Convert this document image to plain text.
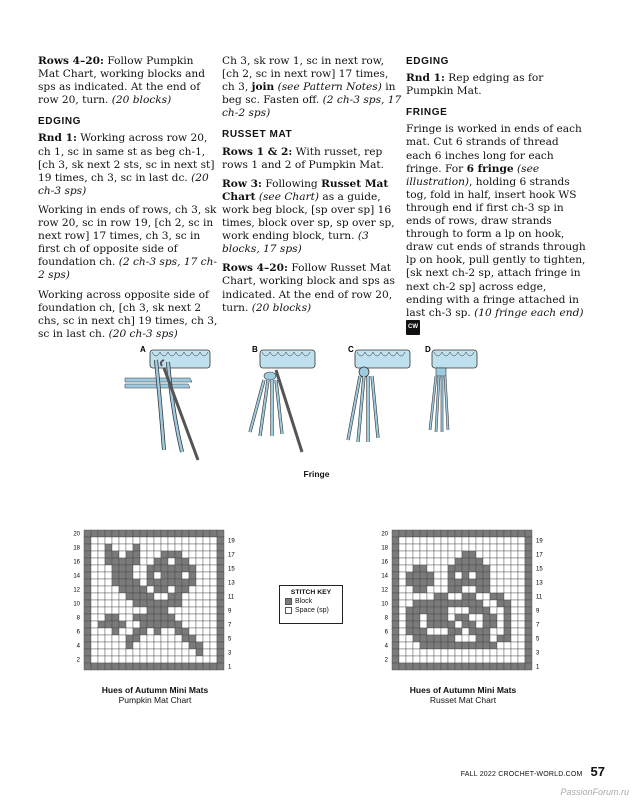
Rows 4–20: Follow Pumpkin Mat Chart, working blocks and sps as indicated. At the end of row 20, turn. (20 blocks)

EDGING

Rnd 1: Working across row 20, ch 1, sc in same st as beg ch-1, [ch 3, sk next 2 sts, sc in next st] 19 times, ch 3, sc in last dc. (20 ch-3 sps)

Working in ends of rows, ch 3, sk row 20, sc in row 19, [ch 2, sc in next row] 17 times, ch 3, sc in first ch of opposite side of foundation ch. (2 ch-3 sps, 17 ch-2 sps)

Working across opposite side of foundation ch, [ch 3, sk next 2 chs, sc in next ch] 19 times, ch 3, sc in last ch. (20 ch-3 sps)

Ch 3, sk row 1, sc in next row, [ch 2, sc in next row] 17 times, ch 3, join (see Pattern Notes) in beg sc. Fasten off. (2 ch-3 sps, 17 ch-2 sps)

RUSSET MAT

Rows 1 & 2: With russet, rep rows 1 and 2 of Pumpkin Mat.

Row 3: Following Russet Mat Chart (see Chart) as a guide, work beg block, [sp over sp] 16 times, block over sp, sp over sp, work ending block, turn. (3 blocks, 17 sps)

Rows 4–20: Follow Russet Mat Chart, working block and sps as indicated. At the end of row 20, turn. (20 blocks)

EDGING

Rnd 1: Rep edging as for Pumpkin Mat.

FRINGE

Fringe is worked in ends of each mat. Cut 6 strands of thread each 6 inches long for each fringe. For 6 fringe (see illustration), holding 6 strands tog, fold in half, insert hook WS through end if first ch-3 sp in ends of rows, draw strands through to form a lp on hook, draw cut ends of strands through lp on hook, pull gently to tighten, [sk next ch-2 sp, attach fringe in next ch-2 sp] across edge, ending with a fringe attached in last ch-3 sp. (10 fringe each end) CW

A	B	C	D
Fringe
20
18
16
14
12
10
8
6
4
2
19
17
15
13
11
9
7
5
3
1
Hues of Autumn Mini Mats
Pumpkin Mat Chart
STITCH KEY
Block
Space (sp)
20
18
16
14
12
10
8
6
4
2
19
17
15
13
11
9
7
5
3
1
Hues of Autumn Mini Mats
Russet Mat Chart
FALL 2022 CROCHET-WORLD.COM 57
PassionForum.ru
